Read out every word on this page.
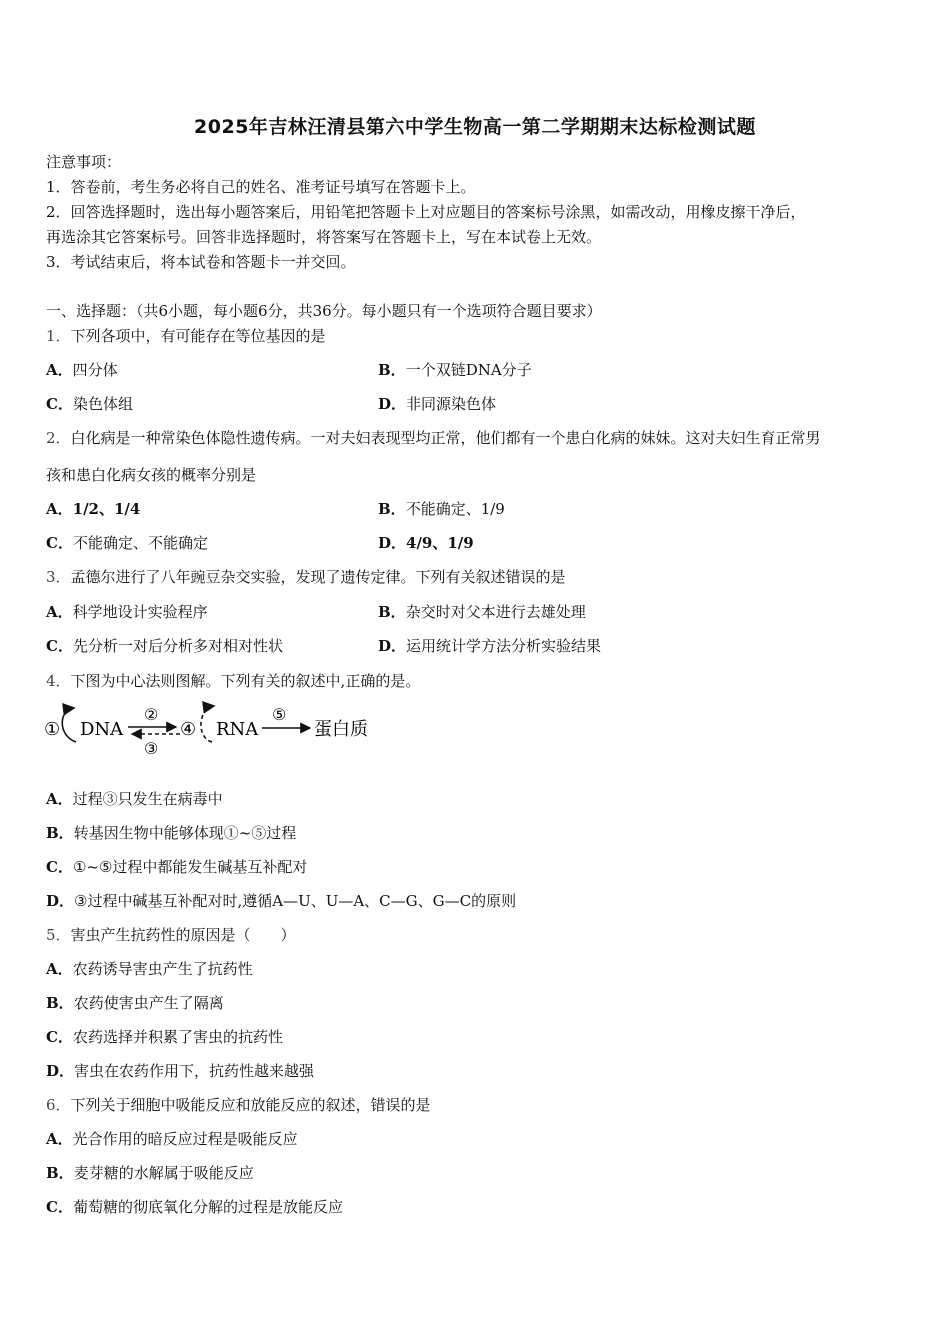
2025年吉林汪清县第六中学生物高一第二学期期末达标检测试题
注意事项：
1．答卷前，考生务必将自己的姓名、准考证号填写在答题卡上。
2．回答选择题时，选出每小题答案后，用铅笔把答题卡上对应题目的答案标号涂黑，如需改动，用橡皮擦干净后，
再选涂其它答案标号。回答非选择题时，将答案写在答题卡上，写在本试卷上无效。
3．考试结束后，将本试卷和答题卡一并交回。
一、选择题：（共6小题，每小题6分，共36分。每小题只有一个选项符合题目要求）
1．下列各项中，有可能存在等位基因的是
A．四分体	B．一个双链DNA分子
C．染色体组	D．非同源染色体
2．白化病是一种常染色体隐性遗传病。一对夫妇表现型均正常，他们都有一个患白化病的妹妹。这对夫妇生育正常男
孩和患白化病女孩的概率分别是
A．1/2、1/4	B．不能确定、1/9
C．不能确定、不能确定	D．4/9、1/9
3．孟德尔进行了八年豌豆杂交实验，发现了遗传定律。下列有关叙述错误的是
A．科学地设计实验程序	B．杂交时对父本进行去雄处理
C．先分析一对后分析多对相对性状	D．运用统计学方法分析实验结果
4．下图为中心法则图解。下列有关的叙述中,正确的是。
① DNA
②
③
④ RNA
⑤
蛋白质
A．过程③只发生在病毒中
B．转基因生物中能够体现①~⑤过程
C．①~⑤过程中都能发生碱基互补配对
D．③过程中碱基互补配对时,遵循A—U、U—A、C—G、G—C的原则
5．害虫产生抗药性的原因是（　　）
A．农药诱导害虫产生了抗药性
B．农药使害虫产生了隔离
C．农药选择并积累了害虫的抗药性
D．害虫在农药作用下，抗药性越来越强
6．下列关于细胞中吸能反应和放能反应的叙述，错误的是
A．光合作用的暗反应过程是吸能反应
B．麦芽糖的水解属于吸能反应
C．葡萄糖的彻底氧化分解的过程是放能反应
